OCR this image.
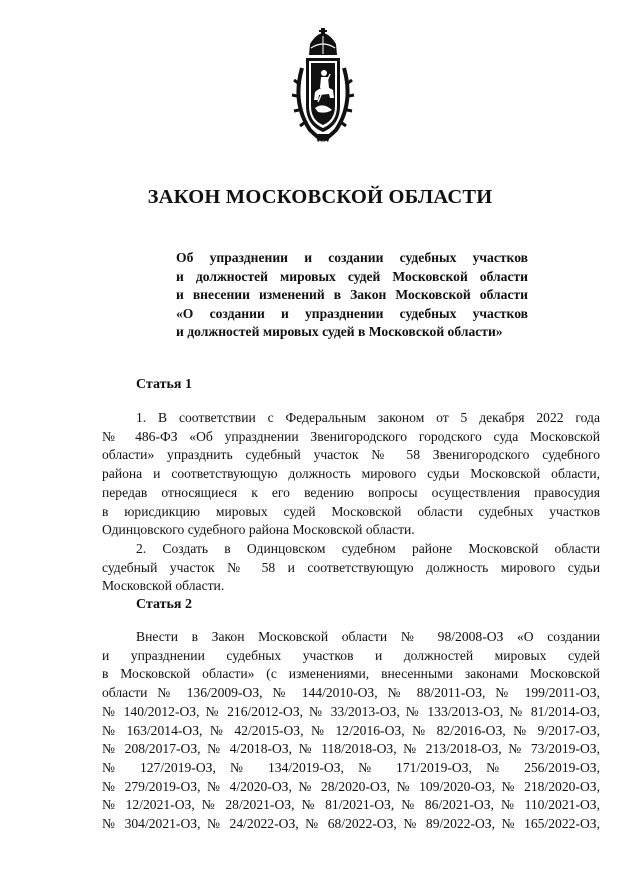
ЗАКОН МОСКОВСКОЙ ОБЛАСТИ
Об упразднении и создании судебных участков
и должностей мировых судей Московской области
и внесении изменений в Закон Московской области
«О создании и упразднении судебных участков
и должностей мировых судей в Московской области»
Статья 1
1. В соответствии с Федеральным законом от 5 декабря 2022 года
№ 486-ФЗ «Об упразднении Звенигородского городского суда Московской
области» упразднить судебный участок № 58 Звенигородского судебного
района и соответствующую должность мирового судьи Московской области,
передав относящиеся к его ведению вопросы осуществления правосудия
в юрисдикцию мировых судей Московской области судебных участков
Одинцовского судебного района Московской области.
2. Создать в Одинцовском судебном районе Московской области
судебный участок № 58 и соответствующую должность мирового судьи
Московской области.
Статья 2
Внести в Закон Московской области № 98/2008-ОЗ «О создании
и упразднении судебных участков и должностей мировых судей
в Московской области» (с изменениями, внесенными законами Московской
области № 136/2009-ОЗ, № 144/2010-ОЗ, № 88/2011-ОЗ, № 199/2011-ОЗ,
№ 140/2012-ОЗ, № 216/2012-ОЗ, № 33/2013-ОЗ, № 133/2013-ОЗ, № 81/2014-ОЗ,
№ 163/2014-ОЗ, № 42/2015-ОЗ, № 12/2016-ОЗ, № 82/2016-ОЗ, № 9/2017-ОЗ,
№ 208/2017-ОЗ, № 4/2018-ОЗ, № 118/2018-ОЗ, № 213/2018-ОЗ, № 73/2019-ОЗ,
№ 127/2019-ОЗ, № 134/2019-ОЗ, № 171/2019-ОЗ, № 256/2019-ОЗ,
№ 279/2019-ОЗ, № 4/2020-ОЗ, № 28/2020-ОЗ, № 109/2020-ОЗ, № 218/2020-ОЗ,
№ 12/2021-ОЗ, № 28/2021-ОЗ, № 81/2021-ОЗ, № 86/2021-ОЗ, № 110/2021-ОЗ,
№ 304/2021-ОЗ, № 24/2022-ОЗ, № 68/2022-ОЗ, № 89/2022-ОЗ, № 165/2022-ОЗ,
